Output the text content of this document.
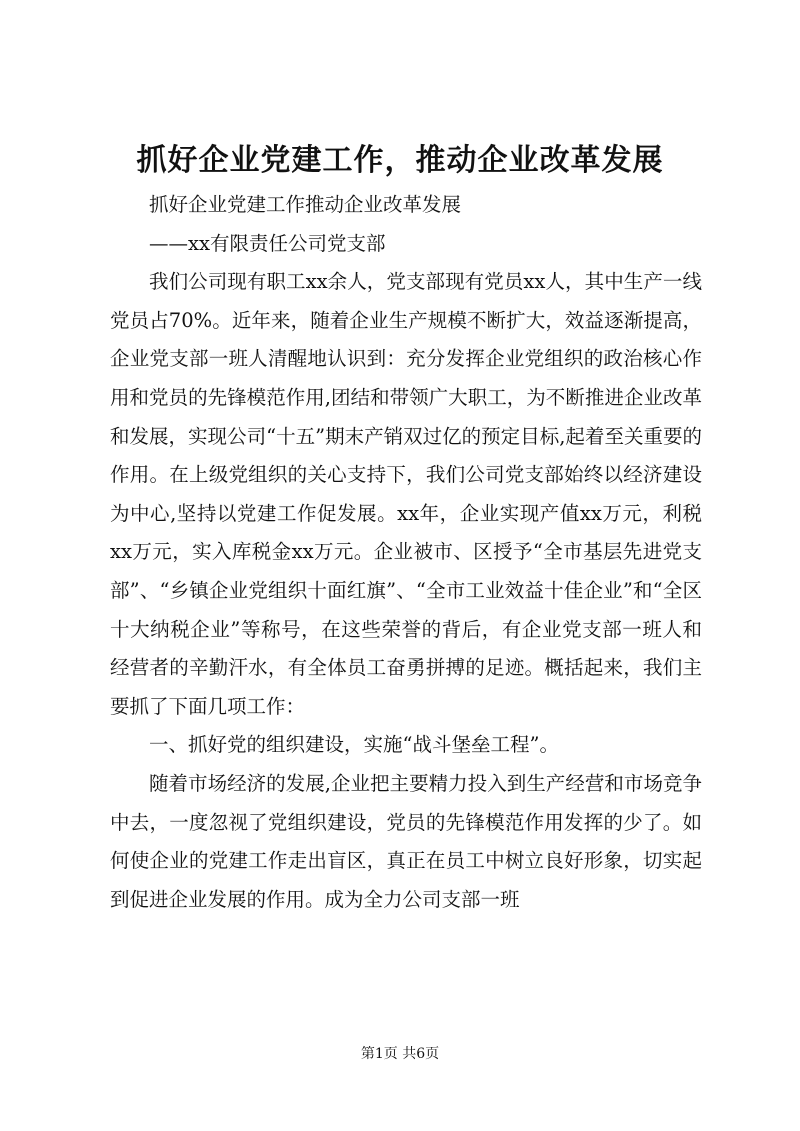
抓好企业党建工作，推动企业改革发展

抓好企业党建工作推动企业改革发展

——xx有限责任公司党支部

我们公司现有职工xx余人，党支部现有党员xx人，其中生产一线党员占70%。近年来，随着企业生产规模不断扩大，效益逐渐提高，企业党支部一班人清醒地认识到：充分发挥企业党组织的政治核心作用和党员的先锋模范作用,团结和带领广大职工，为不断推进企业改革和发展，实现公司“十五”期末产销双过亿的预定目标,起着至关重要的作用。在上级党组织的关心支持下，我们公司党支部始终以经济建设为中心,坚持以党建工作促发展。xx年，企业实现产值xx万元，利税xx万元，实入库税金xx万元。企业被市、区授予“全市基层先进党支部”、“乡镇企业党组织十面红旗”、“全市工业效益十佳企业”和“全区十大纳税企业”等称号，在这些荣誉的背后，有企业党支部一班人和经营者的辛勤汗水，有全体员工奋勇拼搏的足迹。概括起来，我们主要抓了下面几项工作：

一、抓好党的组织建设，实施“战斗堡垒工程”。

随着市场经济的发展,企业把主要精力投入到生产经营和市场竞争中去，一度忽视了党组织建设，党员的先锋模范作用发挥的少了。如何使企业的党建工作走出盲区，真正在员工中树立良好形象，切实起到促进企业发展的作用。成为全力公司支部一班

第1页 共6页
